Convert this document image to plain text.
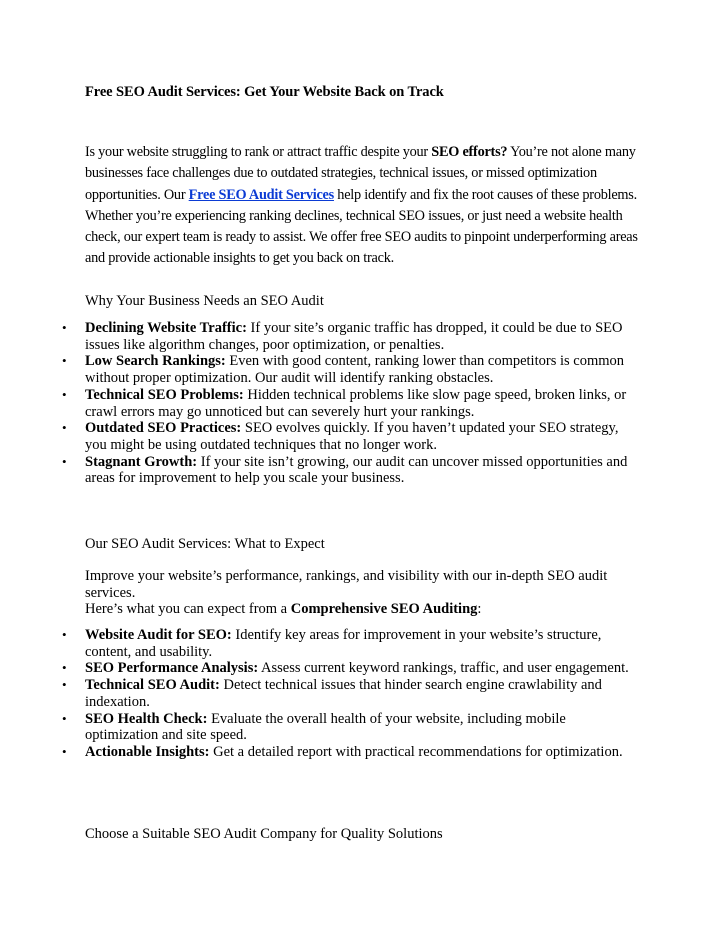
Free SEO Audit Services: Get Your Website Back on Track
Is your website struggling to rank or attract traffic despite your SEO efforts? You’re not alone many businesses face challenges due to outdated strategies, technical issues, or missed optimization opportunities. Our Free SEO Audit Services help identify and fix the root causes of these problems. Whether you’re experiencing ranking declines, technical SEO issues, or just need a website health check, our expert team is ready to assist. We offer free SEO audits to pinpoint underperforming areas and provide actionable insights to get you back on track.
Why Your Business Needs an SEO Audit
• Declining Website Traffic: If your site’s organic traffic has dropped, it could be due to SEO issues like algorithm changes, poor optimization, or penalties.
• Low Search Rankings: Even with good content, ranking lower than competitors is common without proper optimization. Our audit will identify ranking obstacles.
• Technical SEO Problems: Hidden technical problems like slow page speed, broken links, or crawl errors may go unnoticed but can severely hurt your rankings.
• Outdated SEO Practices: SEO evolves quickly. If you haven’t updated your SEO strategy, you might be using outdated techniques that no longer work.
• Stagnant Growth: If your site isn’t growing, our audit can uncover missed opportunities and areas for improvement to help you scale your business.
Our SEO Audit Services: What to Expect
Improve your website’s performance, rankings, and visibility with our in-depth SEO audit services.
Here’s what you can expect from a Comprehensive SEO Auditing:
• Website Audit for SEO: Identify key areas for improvement in your website’s structure, content, and usability.
• SEO Performance Analysis: Assess current keyword rankings, traffic, and user engagement.
• Technical SEO Audit: Detect technical issues that hinder search engine crawlability and indexation.
• SEO Health Check: Evaluate the overall health of your website, including mobile optimization and site speed.
• Actionable Insights: Get a detailed report with practical recommendations for optimization.
Choose a Suitable SEO Audit Company for Quality Solutions
